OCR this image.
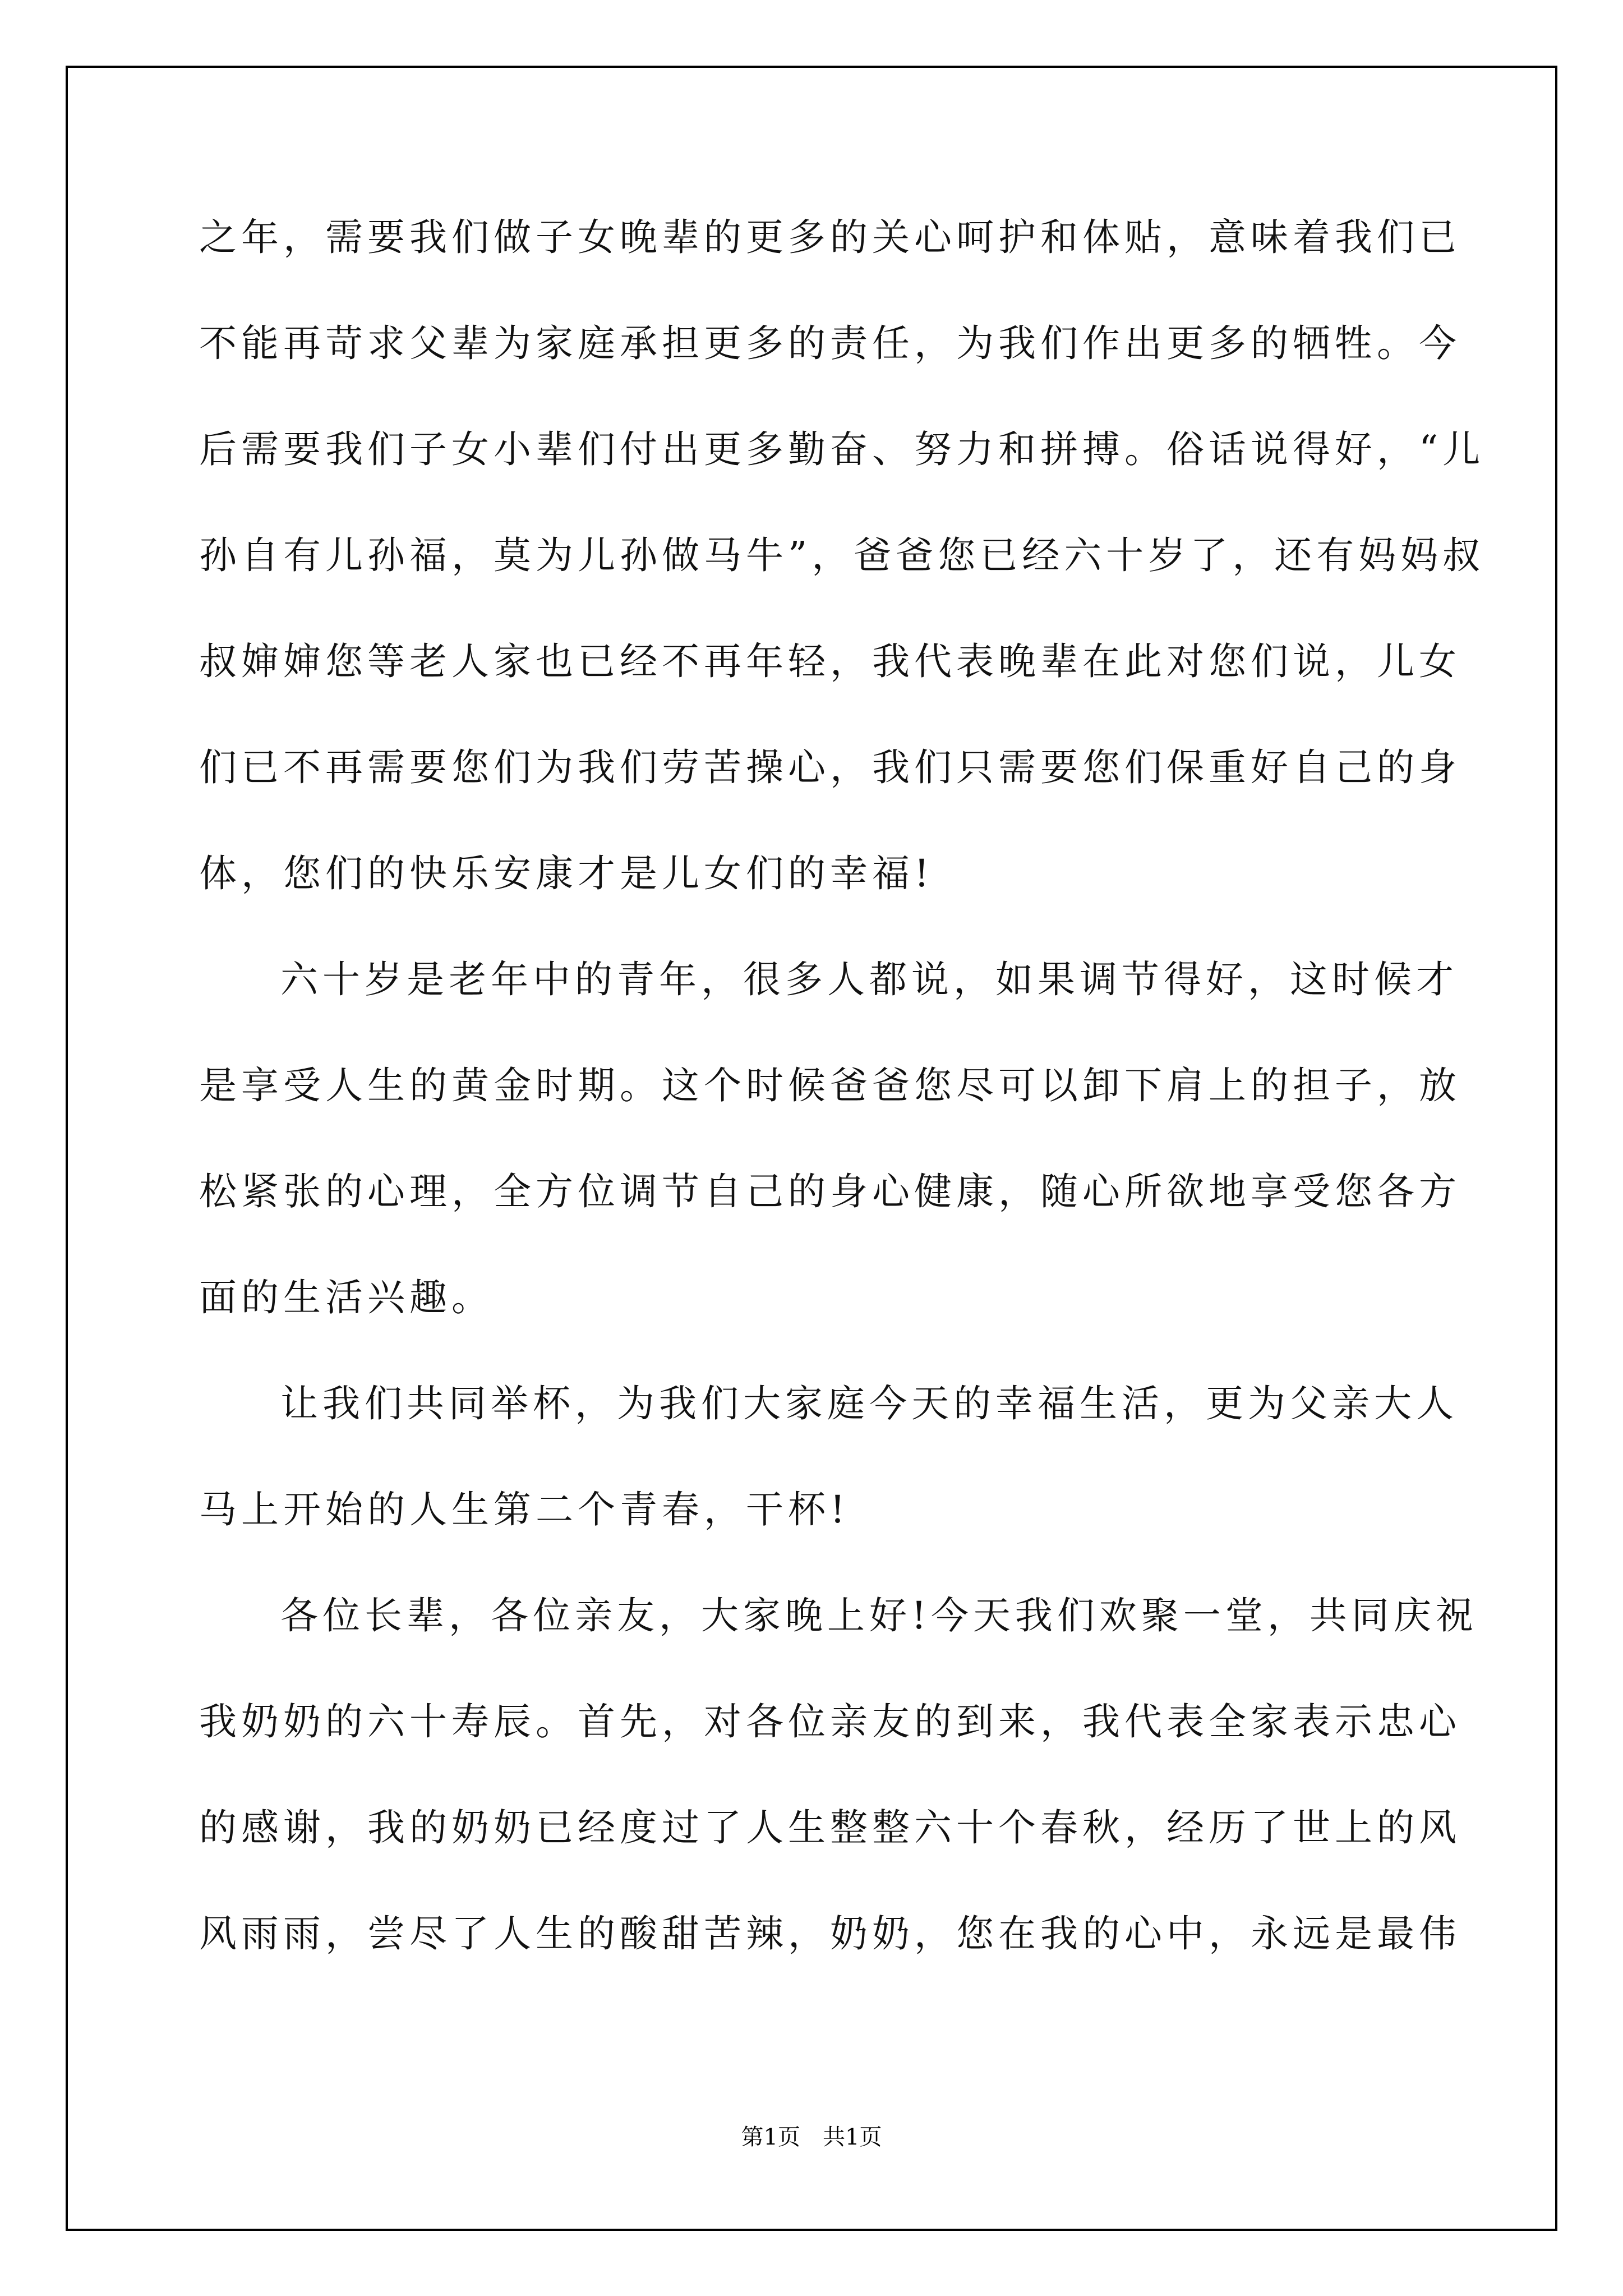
之年，需要我们做子女晚辈的更多的关心呵护和体贴，意味着我们已
不能再苛求父辈为家庭承担更多的责任，为我们作出更多的牺牲。今
后需要我们子女小辈们付出更多勤奋、努力和拼搏。俗话说得好，“儿
孙自有儿孙福，莫为儿孙做马牛”，爸爸您已经六十岁了，还有妈妈叔
叔婶婶您等老人家也已经不再年轻，我代表晚辈在此对您们说，儿女
们已不再需要您们为我们劳苦操心，我们只需要您们保重好自己的身
体，您们的快乐安康才是儿女们的幸福!
六十岁是老年中的青年，很多人都说，如果调节得好，这时候才
是享受人生的黄金时期。这个时候爸爸您尽可以卸下肩上的担子，放
松紧张的心理，全方位调节自己的身心健康，随心所欲地享受您各方
面的生活兴趣。
让我们共同举杯，为我们大家庭今天的幸福生活，更为父亲大人
马上开始的人生第二个青春，干杯!
各位长辈，各位亲友，大家晚上好!今天我们欢聚一堂，共同庆祝
我奶奶的六十寿辰。首先，对各位亲友的到来，我代表全家表示忠心
的感谢，我的奶奶已经度过了人生整整六十个春秋，经历了世上的风
风雨雨，尝尽了人生的酸甜苦辣，奶奶，您在我的心中，永远是最伟
第1页　共1页
